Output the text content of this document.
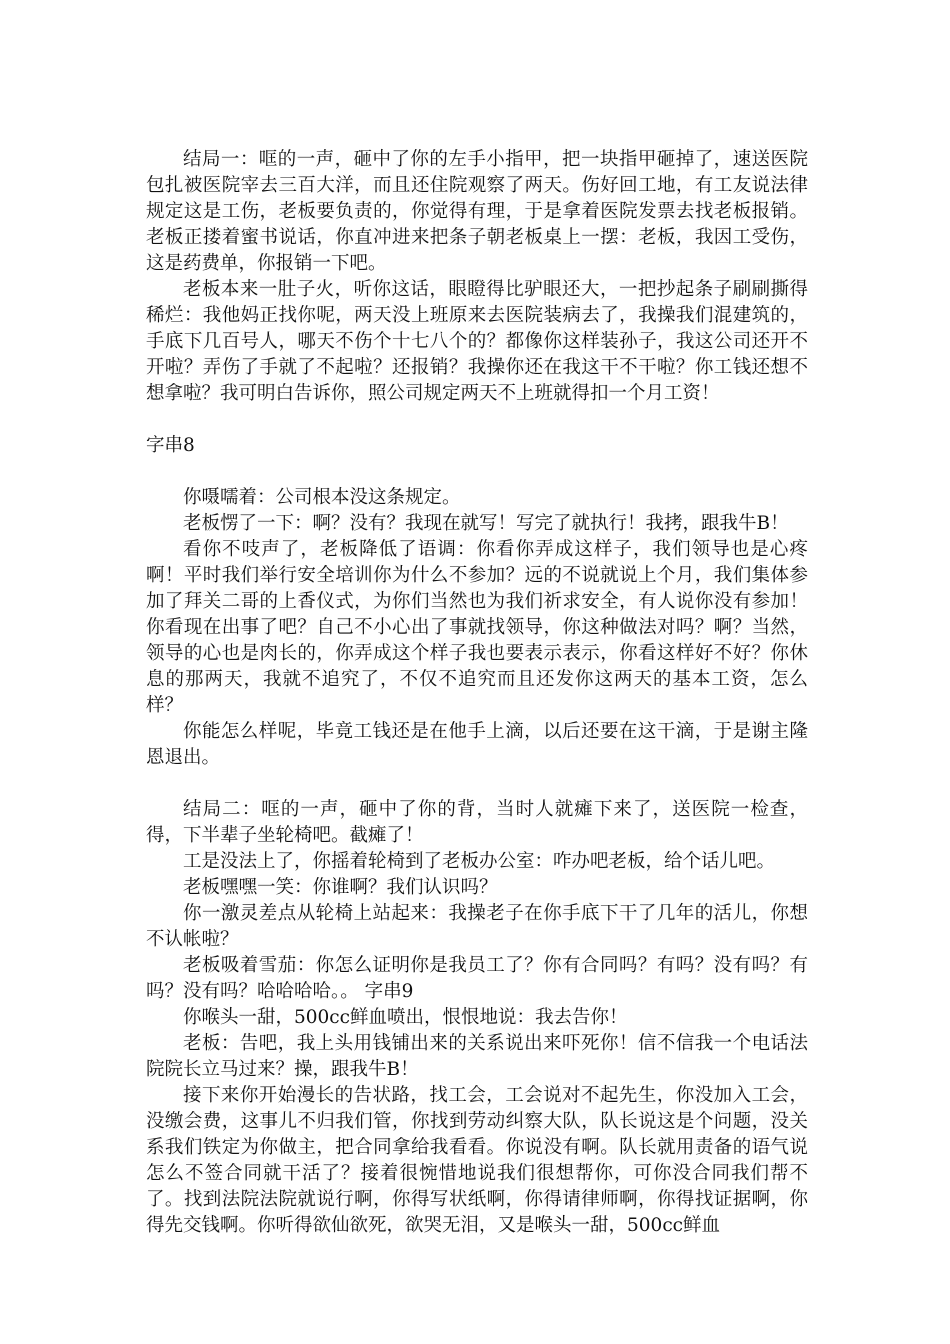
结局一：哐的一声，砸中了你的左手小指甲，把一块指甲砸掉了，速送医院包扎被医院宰去三百大洋，而且还住院观察了两天。伤好回工地，有工友说法律规定这是工伤，老板要负责的，你觉得有理，于是拿着医院发票去找老板报销。老板正搂着蜜书说话，你直冲进来把条子朝老板桌上一摆：老板，我因工受伤，这是药费单，你报销一下吧。

老板本来一肚子火，听你这话，眼瞪得比驴眼还大，一把抄起条子刷刷撕得稀烂：我他妈正找你呢，两天没上班原来去医院装病去了，我操我们混建筑的，手底下几百号人，哪天不伤个十七八个的？都像你这样装孙子，我这公司还开不开啦？弄伤了手就了不起啦？还报销？我操你还在我这干不干啦？你工钱还想不想拿啦？我可明白告诉你，照公司规定两天不上班就得扣一个月工资！

字串8

你嗫嚅着：公司根本没这条规定。

老板愣了一下：啊？没有？我现在就写！写完了就执行！我拷，跟我牛B！

看你不吱声了，老板降低了语调：你看你弄成这样子，我们领导也是心疼啊！平时我们举行安全培训你为什么不参加？远的不说就说上个月，我们集体参加了拜关二哥的上香仪式，为你们当然也为我们祈求安全，有人说你没有参加！你看现在出事了吧？自己不小心出了事就找领导，你这种做法对吗？啊？当然，领导的心也是肉长的，你弄成这个样子我也要表示表示，你看这样好不好？你休息的那两天，我就不追究了，不仅不追究而且还发你这两天的基本工资，怎么样？

你能怎么样呢，毕竟工钱还是在他手上滴，以后还要在这干滴，于是谢主隆恩退出。

结局二：哐的一声，砸中了你的背，当时人就瘫下来了，送医院一检查，得，下半辈子坐轮椅吧。截瘫了！

工是没法上了，你摇着轮椅到了老板办公室：咋办吧老板，给个话儿吧。

老板嘿嘿一笑：你谁啊？我们认识吗？

你一激灵差点从轮椅上站起来：我操老子在你手底下干了几年的活儿，你想不认帐啦？

老板吸着雪茄：你怎么证明你是我员工了？你有合同吗？有吗？没有吗？有吗？没有吗？哈哈哈哈。。 字串9

你喉头一甜，500cc鲜血喷出，恨恨地说：我去告你！

老板：告吧，我上头用钱铺出来的关系说出来吓死你！信不信我一个电话法院院长立马过来？操，跟我牛B！

接下来你开始漫长的告状路，找工会，工会说对不起先生，你没加入工会，没缴会费，这事儿不归我们管，你找到劳动纠察大队，队长说这是个问题，没关系我们铁定为你做主，把合同拿给我看看。你说没有啊。队长就用责备的语气说怎么不签合同就干活了？接着很惋惜地说我们很想帮你，可你没合同我们帮不了。找到法院法院就说行啊，你得写状纸啊，你得请律师啊，你得找证据啊，你得先交钱啊。你听得欲仙欲死，欲哭无泪，又是喉头一甜，500cc鲜血
